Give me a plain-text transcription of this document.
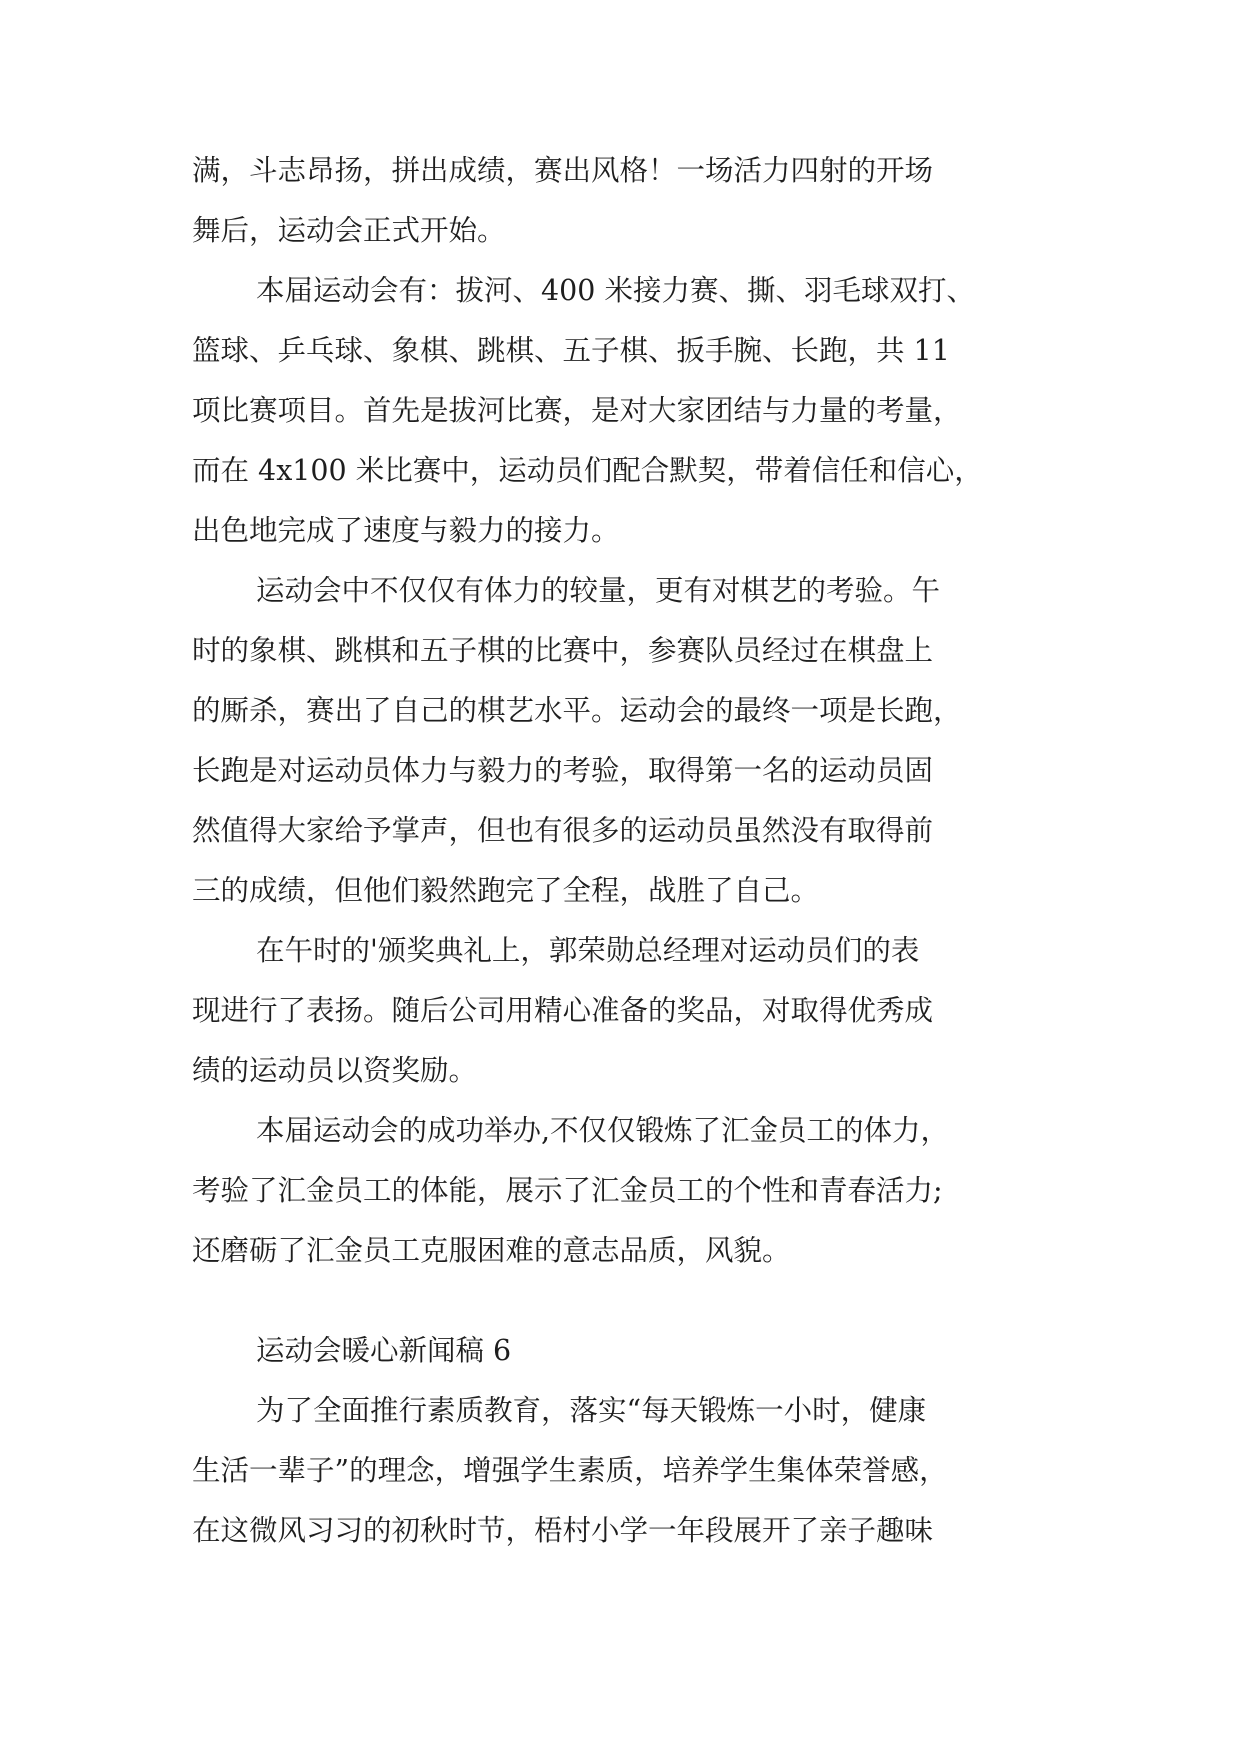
满，斗志昂扬，拼出成绩，赛出风格！一场活力四射的开场
舞后，运动会正式开始。
本届运动会有：拔河、400 米接力赛、撕、羽毛球双打、
篮球、乒乓球、象棋、跳棋、五子棋、扳手腕、长跑，共 11
项比赛项目。首先是拔河比赛，是对大家团结与力量的考量，
而在 4x100 米比赛中，运动员们配合默契，带着信任和信心，
出色地完成了速度与毅力的接力。
运动会中不仅仅有体力的较量，更有对棋艺的考验。午
时的象棋、跳棋和五子棋的比赛中，参赛队员经过在棋盘上
的厮杀，赛出了自己的棋艺水平。运动会的最终一项是长跑，
长跑是对运动员体力与毅力的考验，取得第一名的运动员固
然值得大家给予掌声，但也有很多的运动员虽然没有取得前
三的成绩，但他们毅然跑完了全程，战胜了自己。
在午时的'颁奖典礼上，郭荣勋总经理对运动员们的表
现进行了表扬。随后公司用精心准备的奖品，对取得优秀成
绩的运动员以资奖励。
本届运动会的成功举办,不仅仅锻炼了汇金员工的体力，
考验了汇金员工的体能，展示了汇金员工的个性和青春活力;
还磨砺了汇金员工克服困难的意志品质，风貌。
运动会暖心新闻稿 6
为了全面推行素质教育，落实“每天锻炼一小时，健康
生活一辈子”的理念，增强学生素质，培养学生集体荣誉感，
在这微风习习的初秋时节，梧村小学一年段展开了亲子趣味
